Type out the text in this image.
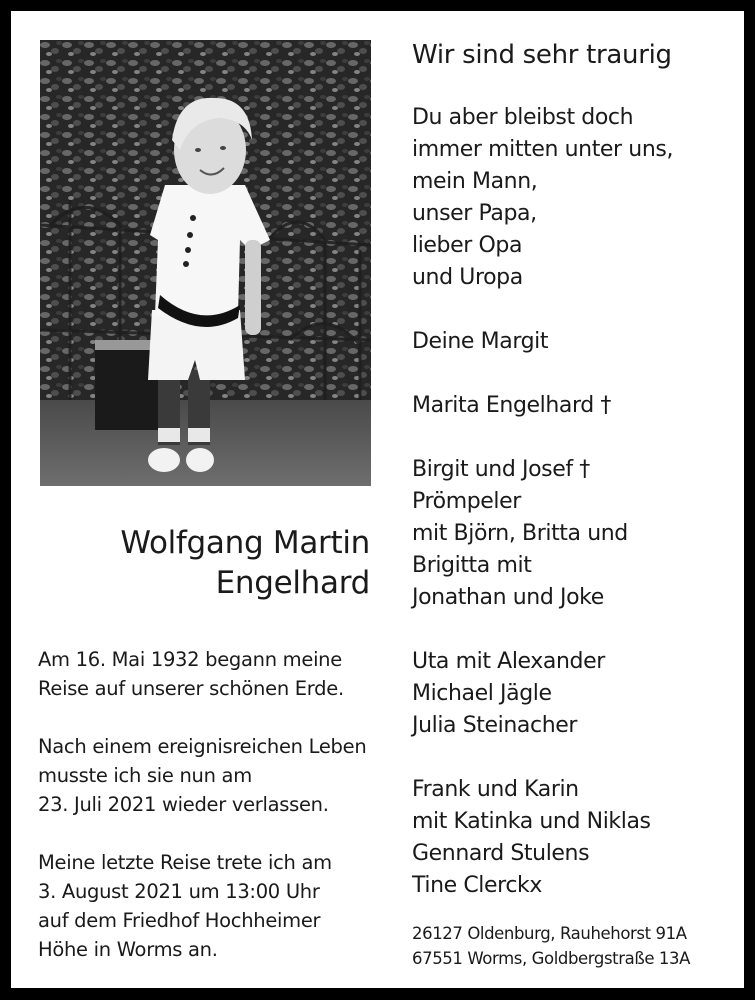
Wolfgang Martin
Engelhard

Am 16. Mai 1932 begann meine
Reise auf unserer schönen Erde.

Nach einem ereignisreichen Leben
musste ich sie nun am
23. Juli 2021 wieder verlassen.

Meine letzte Reise trete ich am
3. August 2021 um 13:00 Uhr
auf dem Friedhof Hochheimer
Höhe in Worms an.

Wir sind sehr traurig
Du aber bleibst doch
immer mitten unter uns,
mein Mann,
unser Papa,
lieber Opa
und Uropa

Deine Margit

Marita Engelhard †

Birgit und Josef †
Prömpeler
mit Björn, Britta und
Brigitta mit
Jonathan und Joke

Uta mit Alexander
Michael Jägle
Julia Steinacher

Frank und Karin
mit Katinka und Niklas
Gennard Stulens
Tine Clerckx

26127 Oldenburg, Rauhehorst 91A
67551 Worms, Goldbergstraße 13A
